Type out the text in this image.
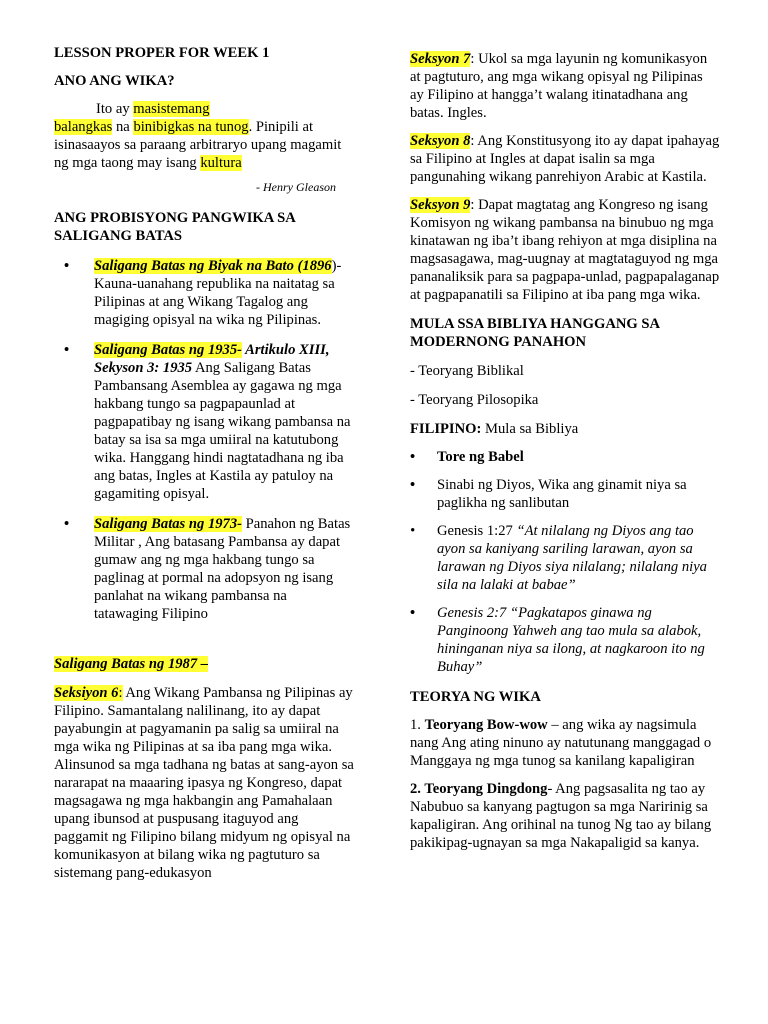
LESSON PROPER FOR WEEK 1
ANO ANG WIKA?

Ito ay masistemang
balangkas na binibigkas na tunog. Pinipili at isinasaayos sa paraang arbitraryo upang magamit ng mga taong may isang kultura

- Henry Gleason

ANG PROBISYONG PANGWIKA SA
SALIGANG BATAS
• Saligang Batas ng Biyak na Bato (1896)- Kauna-uanahang republika na naitatag sa Pilipinas at ang Wikang Tagalog ang magiging opisyal na wika ng Pilipinas.
• Saligang Batas ng 1935- Artikulo XIII, Sekyson 3: 1935 Ang Saligang Batas Pambansang Asemblea ay gagawa ng mga hakbang tungo sa pagpapaunlad at pagpapatibay ng isang wikang pambansa na batay sa isa sa mga umiiral na katutubong wika. Hanggang hindi nagtatadhana ng iba ang batas, Ingles at Kastila ay patuloy na gagamiting opisyal.
• Saligang Batas ng 1973- Panahon ng Batas Militar , Ang batasang Pambansa ay dapat gumaw ang ng mga hakbang tungo sa paglinag at pormal na adopsyon ng isang panlahat na wikang pambansa na tatawaging Filipino

Saligang Batas ng 1987 –

Seksiyon 6: Ang Wikang Pambansa ng Pilipinas ay Filipino. Samantalang nalilinang, ito ay dapat payabungin at pagyamanin pa salig sa umiiral na mga wika ng Pilipinas at sa iba pang mga wika. Alinsunod sa mga tadhana ng batas at sang-ayon sa nararapat na maaaring ipasya ng Kongreso, dapat magsagawa ng mga hakbangin ang Pamahalaan upang ibunsod at puspusang itaguyod ang paggamit ng Filipino bilang midyum ng opisyal na komunikasyon at bilang wika ng pagtuturo sa sistemang pang-edukasyon

Seksyon 7: Ukol sa mga layunin ng komunikasyon at pagtuturo, ang mga wikang opisyal ng Pilipinas ay Filipino at hangga’t walang itinatadhana ang batas. Ingles.

Seksyon 8: Ang Konstitusyong ito ay dapat ipahayag sa Filipino at Ingles at dapat isalin sa mga pangunahing wikang panrehiyon Arabic at Kastila.

Seksyon 9: Dapat magtatag ang Kongreso ng isang Komisyon ng wikang pambansa na binubuo ng mga kinatawan ng iba’t ibang rehiyon at mga disiplina na magsasagawa, mag-uugnay at magtataguyod ng mga pananaliksik para sa pagpapa-unlad, pagpapalaganap at pagpapanatili sa Filipino at iba pang mga wika.

MULA SSA BIBLIYA HANGGANG SA MODERNONG PANAHON

- Teoryang Biblikal

- Teoryang Pilosopika

FILIPINO: Mula sa Bibliya

• Tore ng Babel
• Sinabi ng Diyos, Wika ang ginamit niya sa paglikha ng sanlibutan
• Genesis 1:27 “At nilalang ng Diyos ang tao ayon sa kaniyang sariling larawan, ayon sa larawan ng Diyos siya nilalang; nilalang niya sila na lalaki at babae”
• Genesis 2:7 “Pagkatapos ginawa ng Panginoong Yahweh ang tao mula sa alabok, hininganan niya sa ilong, at nagkaroon ito ng Buhay”
TEORYA NG WIKA

1. Teoryang Bow-wow – ang wika ay nagsimula nang Ang ating ninuno ay natutunang manggagad o Manggaya ng mga tunog sa kanilang kapaligiran

2. Teoryang Dingdong- Ang pagsasalita ng tao ay Nabubuo sa kanyang pagtugon sa mga Naririnig sa kapaligiran. Ang orihinal na tunog Ng tao ay bilang pakikipag-ugnayan sa mga Nakapaligid sa kanya.
